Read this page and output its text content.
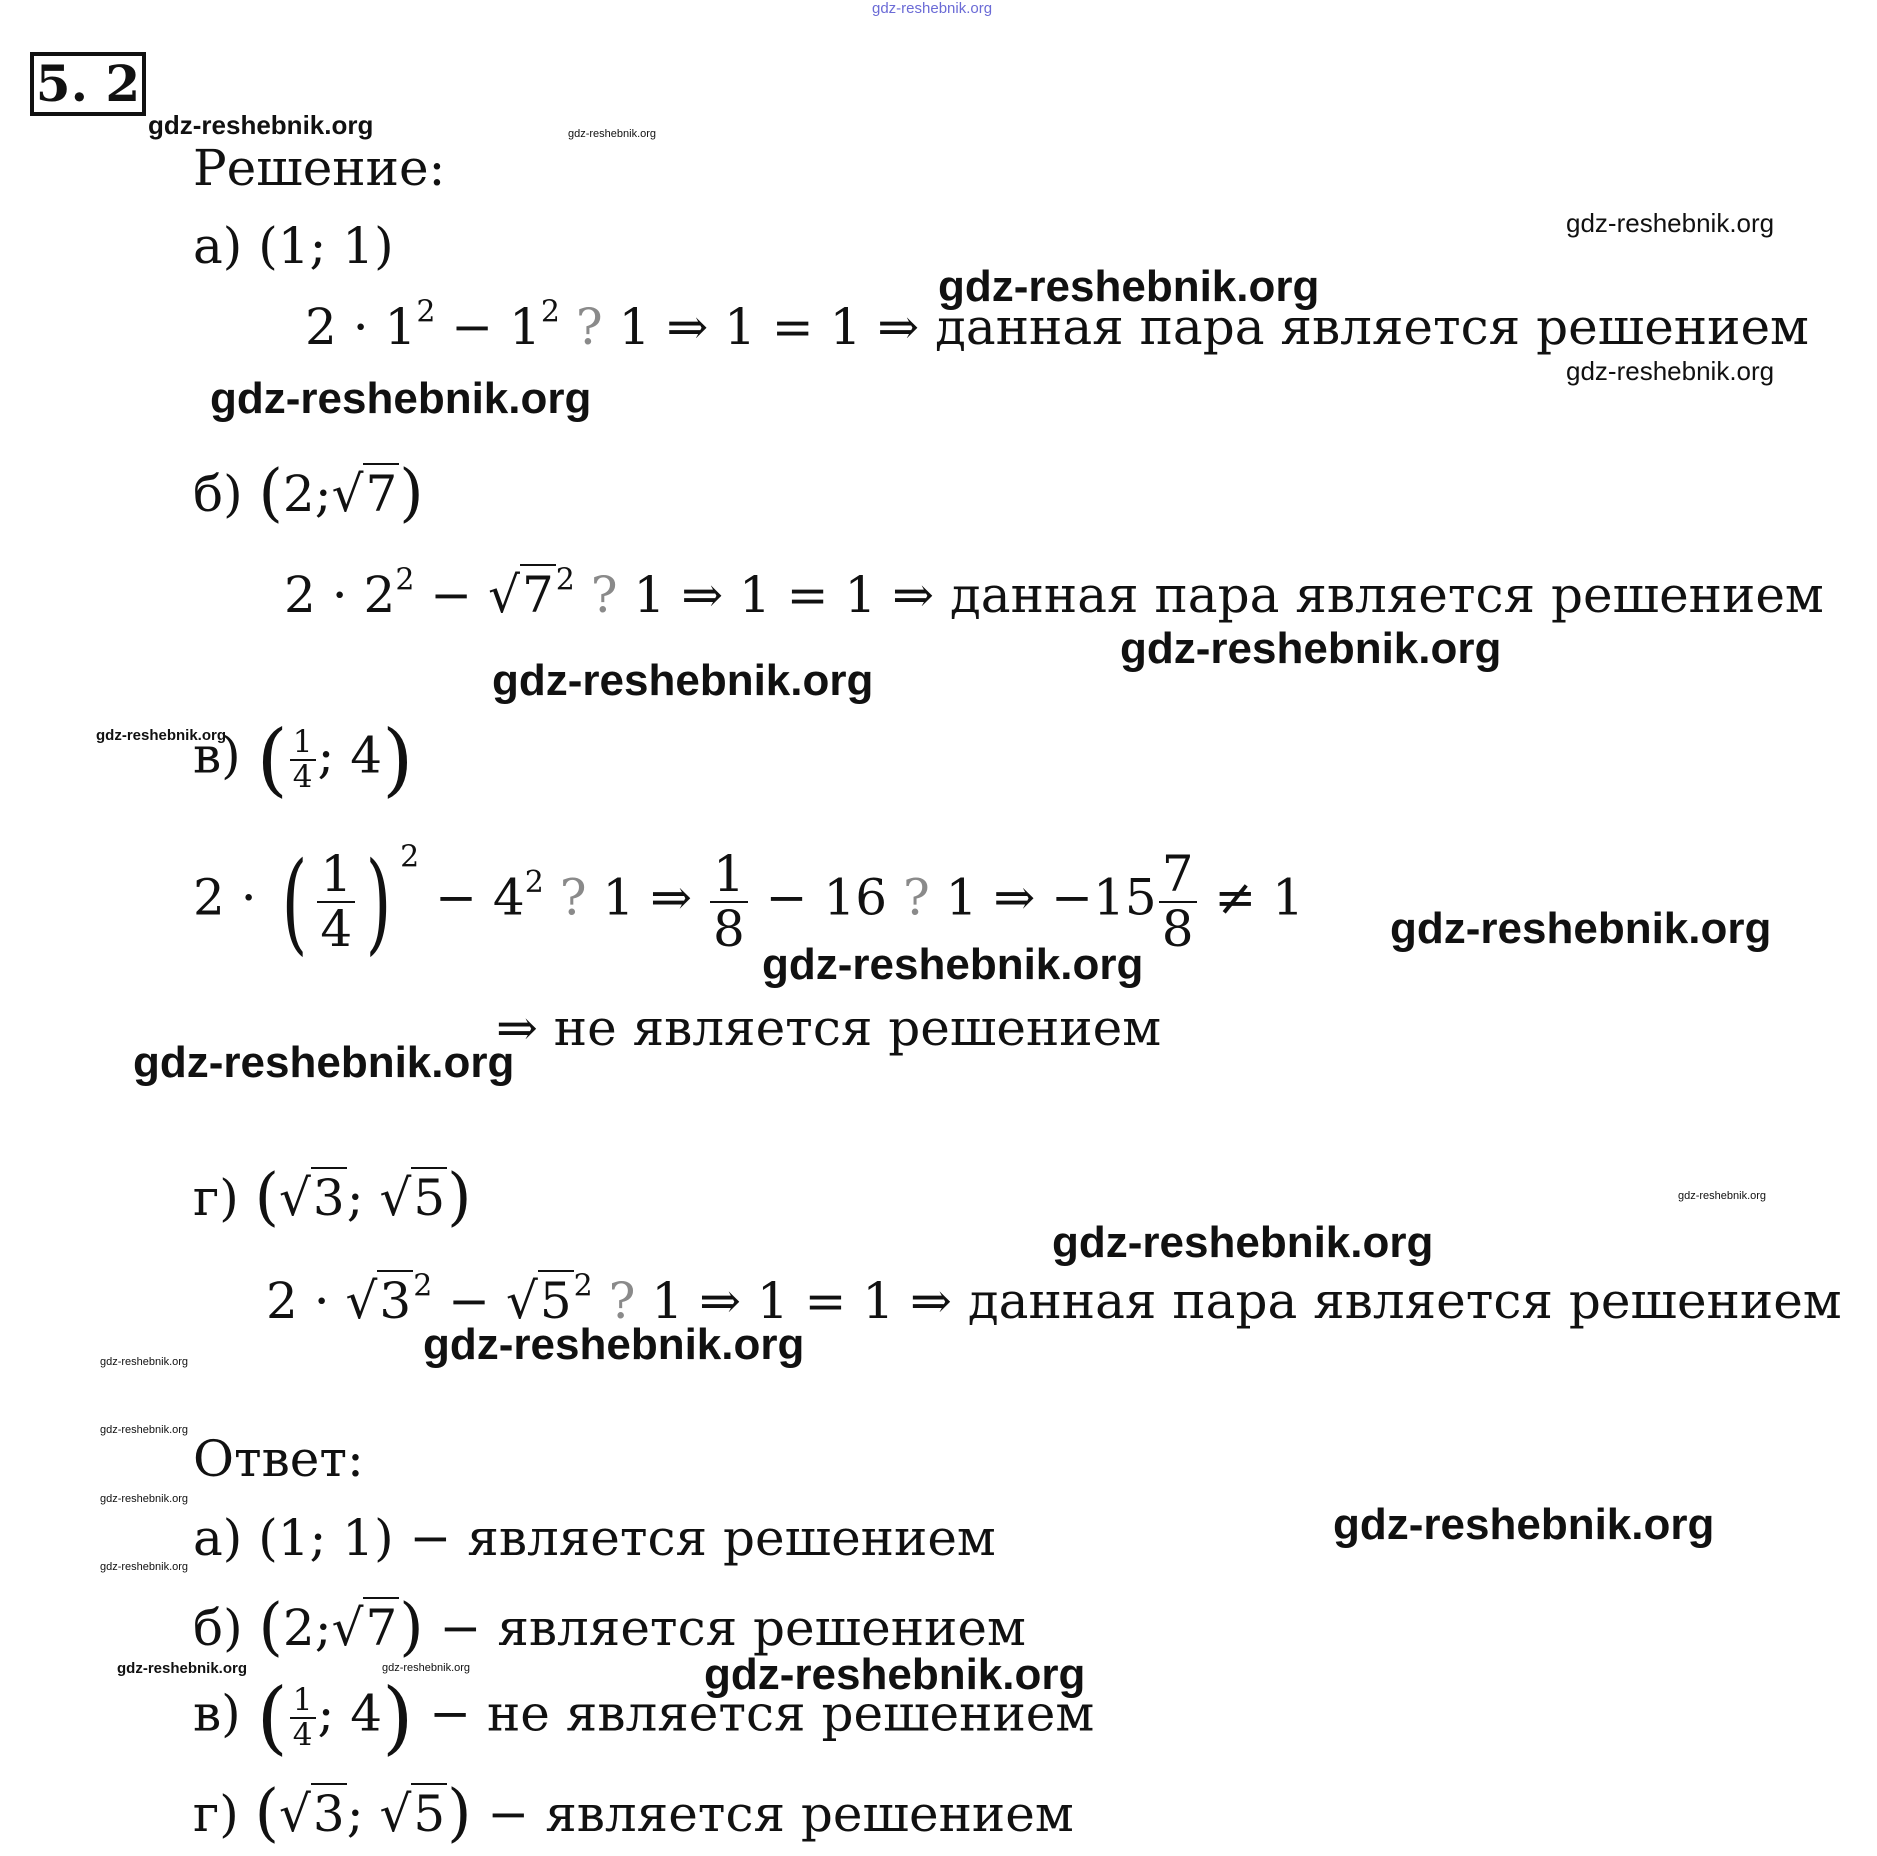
5. 2
gdz-reshebnik.org
gdz-reshebnik.org	gdz-reshebnik.org
gdz-reshebnik.org
gdz-reshebnik.org
gdz-reshebnik.org
gdz-reshebnik.org
gdz-reshebnik.org
gdz-reshebnik.org
gdz-reshebnik.org
gdz-reshebnik.org
gdz-reshebnik.org
gdz-reshebnik.org
gdz-reshebnik.org
gdz-reshebnik.org
gdz-reshebnik.org
gdz-reshebnik.org
gdz-reshebnik.org
gdz-reshebnik.org
gdz-reshebnik.org
gdz-reshebnik.org
gdz-reshebnik.org
gdz-reshebnik.org	gdz-reshebnik.org
Решение:
а) (1; 1)
$2 \cdot 1^2 - 1^2$ ? 1 ⇒ 1 = 1 ⇒ данная пара является решением
б) (2;√7)
$2 \cdot 2^2 - √7^2$ ? 1 ⇒ 1 = 1 ⇒ данная пара является решением
в) ( $\frac{1}{4}$ ; 4)
2 · ( $\frac{1}{4}$ ) $^2 - 4^2$ ? 1 ⇒ $\frac{1}{8} - 16$ ? 1 ⇒ $-15 \frac{7}{8} \ne 1$
⇒ не является решением
г) (√3; √5)
$2 \cdot √3^2 - √5^2$ ? 1 ⇒ 1 = 1 ⇒ данная пара является решением
Ответ:
а) (1; 1) − является решением
б) (2;√7) − является решением
в) ( $\frac{1}{4}$ ; 4) − не является решением
г) (√3; √5) − является решением
